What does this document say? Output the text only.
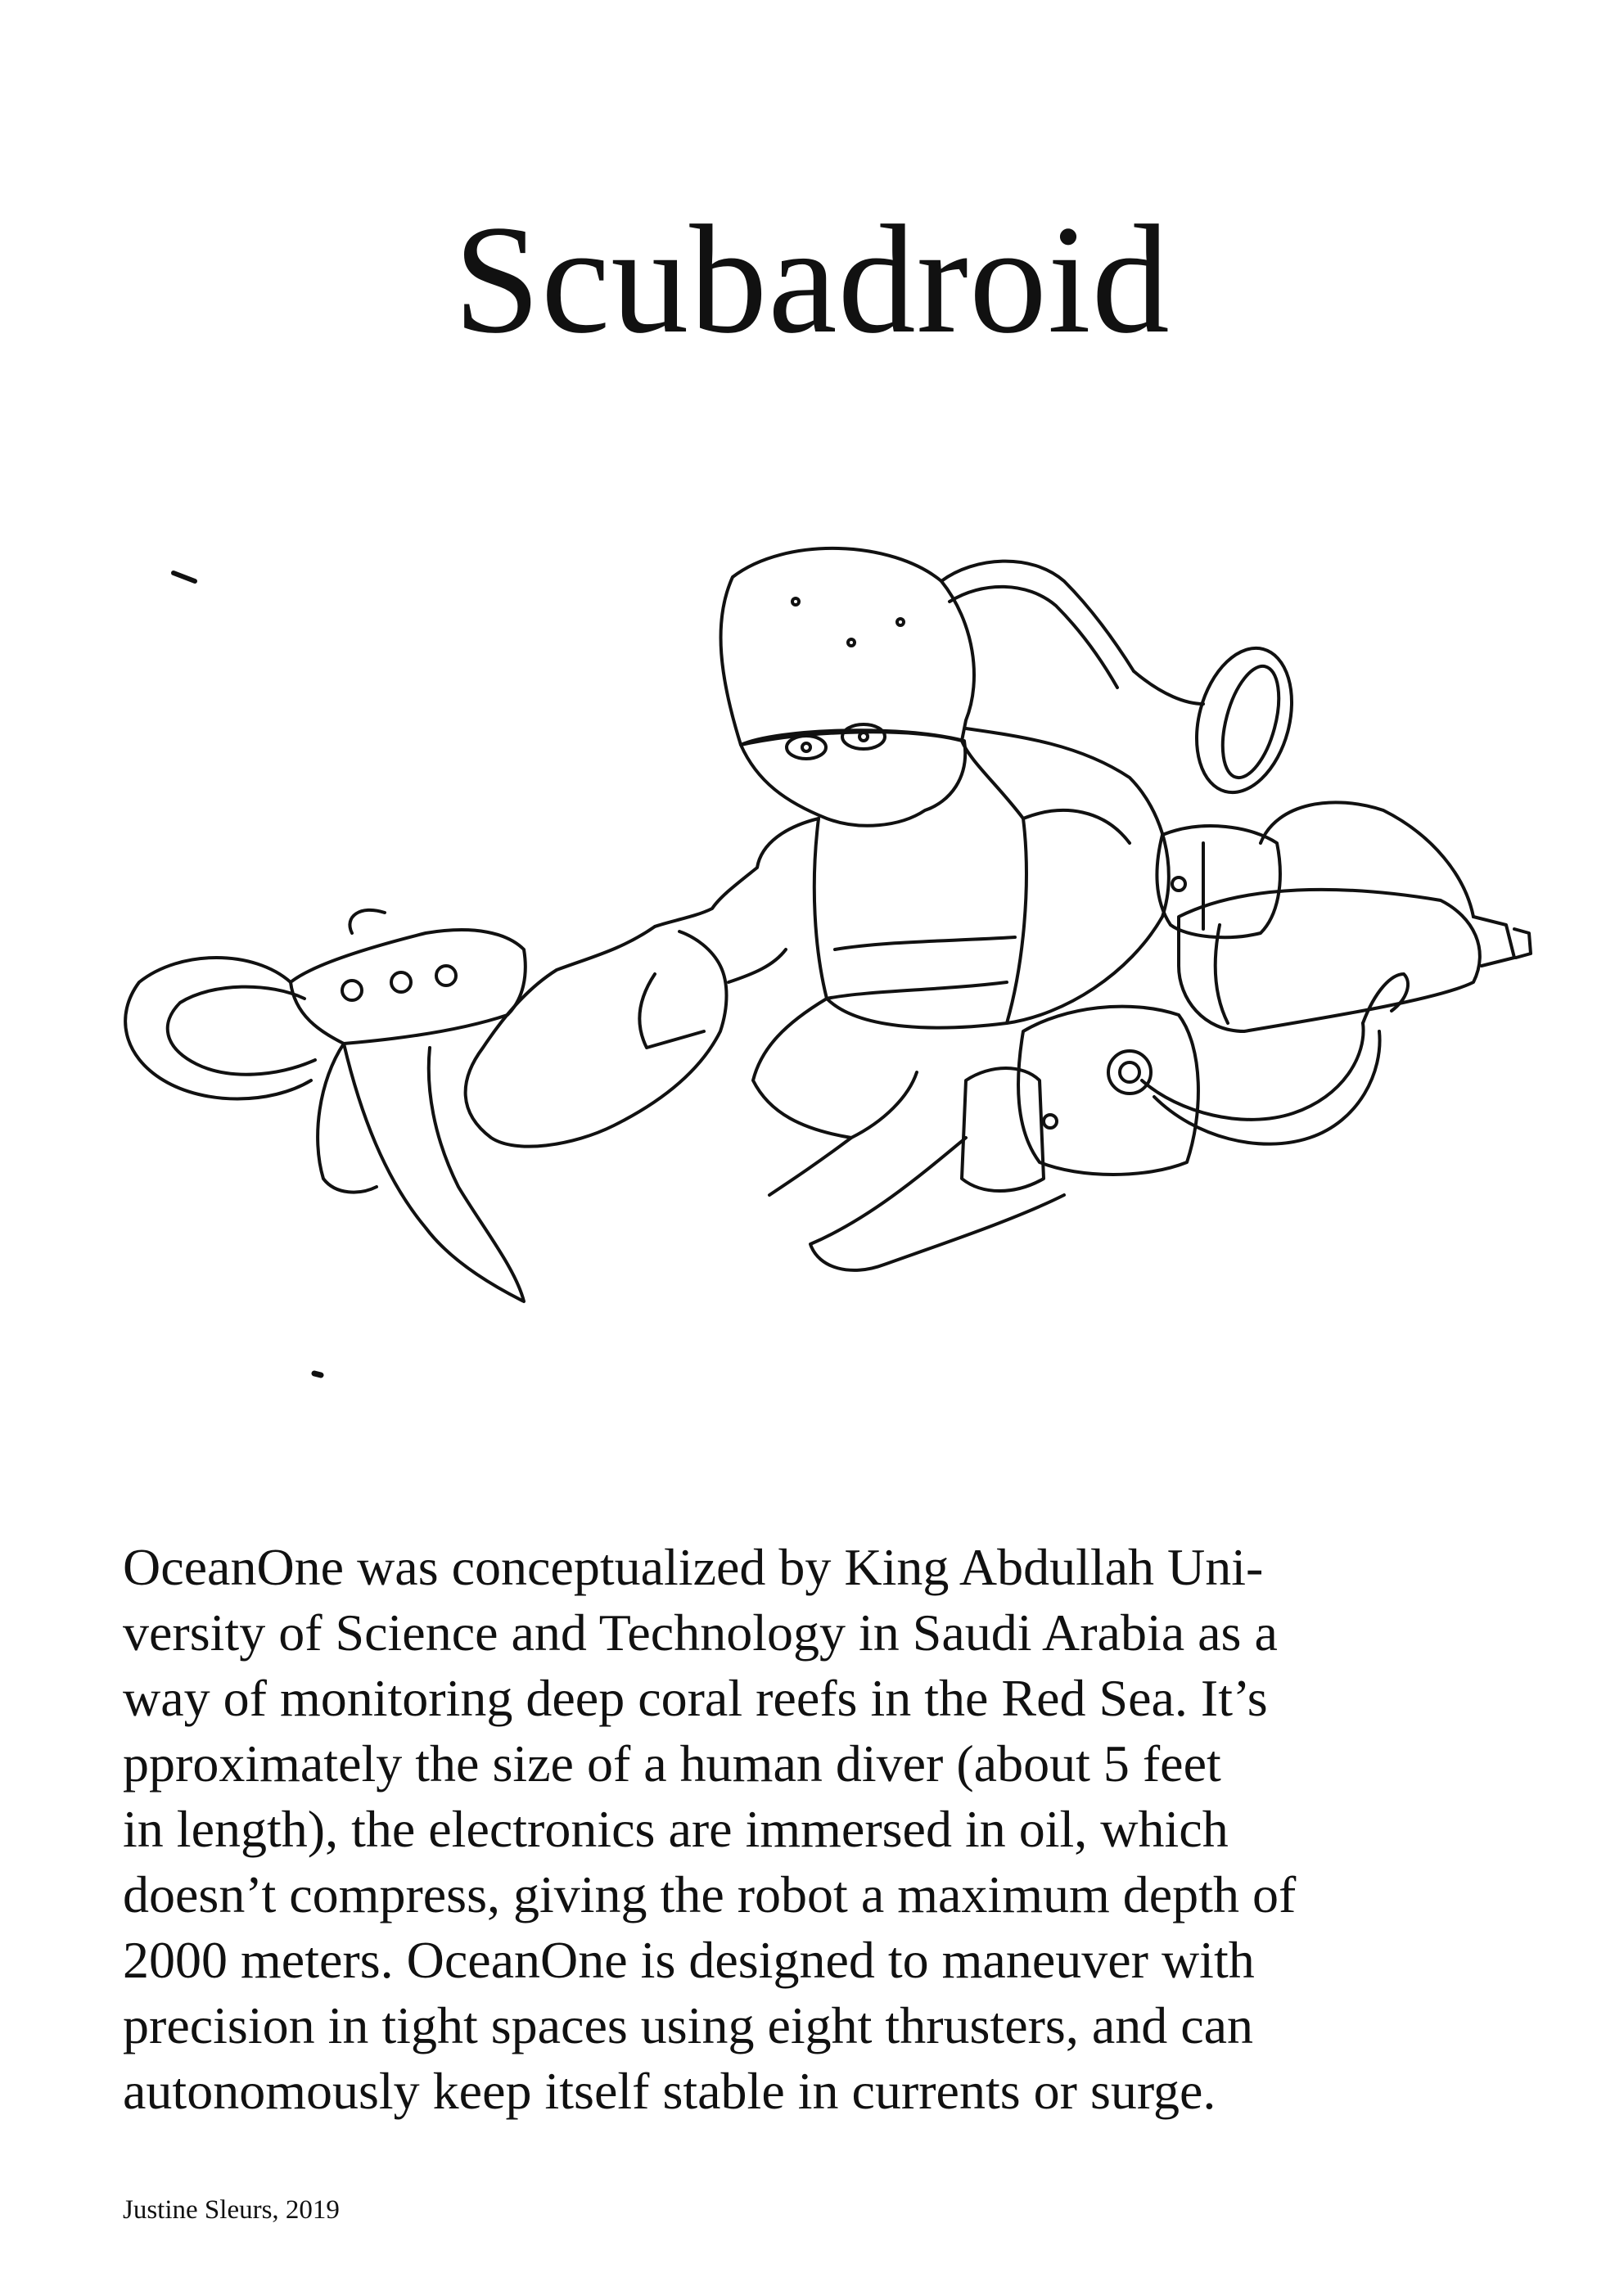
Scubadroid

OceanOne was conceptualized by King Abdullah Uni-
versity of Science and Technology in Saudi Arabia as a
way of monitoring deep coral reefs in the Red Sea. It’s
pproximately the size of a human diver (about 5 feet
in length), the electronics are immersed in oil, which
doesn’t compress, giving the robot a maximum depth of
2000 meters. OceanOne is designed to maneuver with
precision in tight spaces using eight thrusters, and can
autonomously keep itself stable in currents or surge.

Justine Sleurs, 2019
